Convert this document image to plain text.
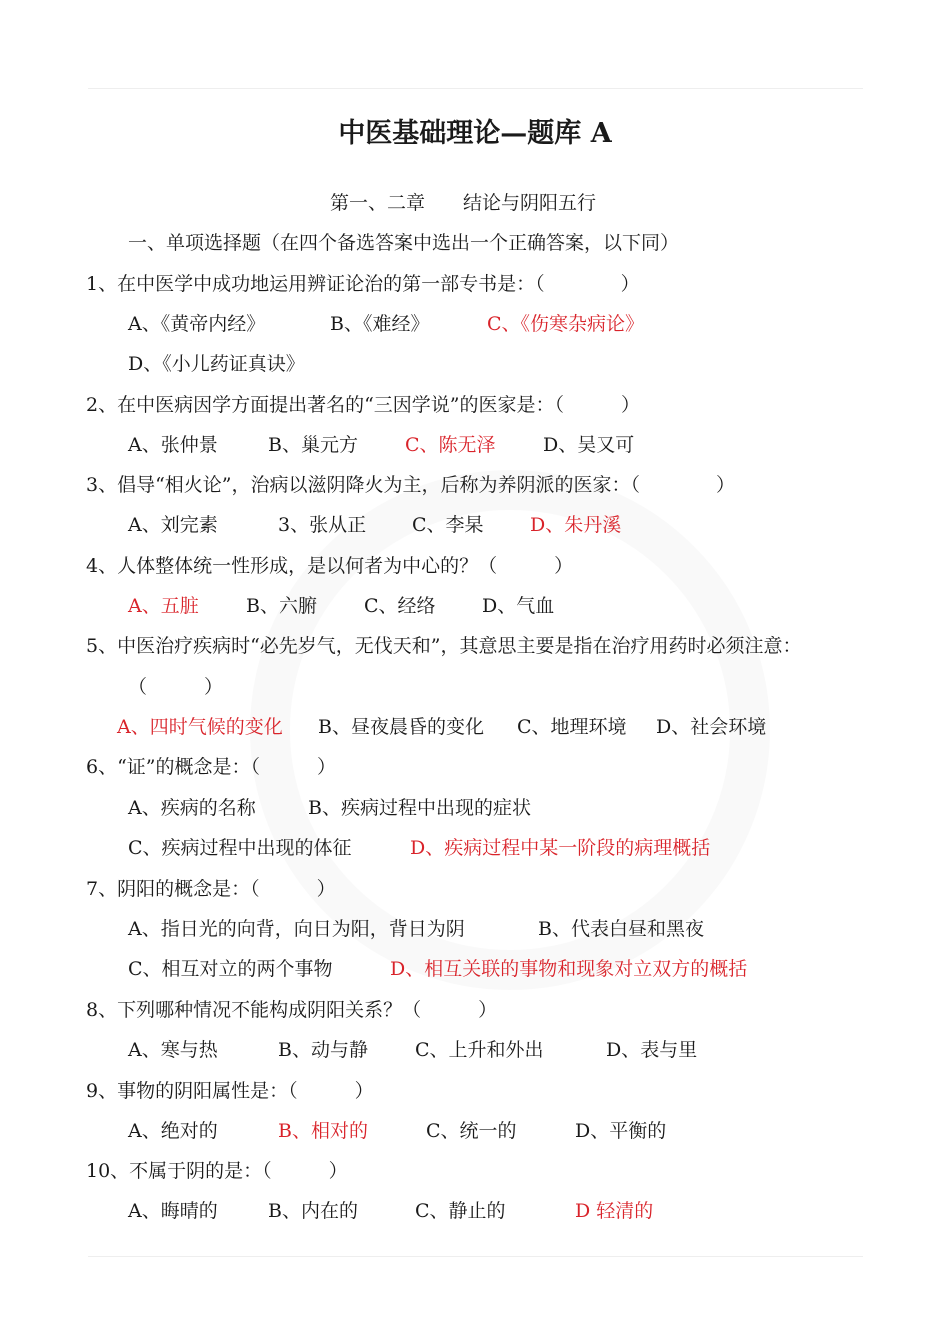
中医基础理论—题库 A
第一、二章　　结论与阴阳五行
一、单项选择题（在四个备选答案中选出一个正确答案，以下同）
1、在中医学中成功地运用辨证论治的第一部专书是：（　　　　）
A、《黄帝内经》	B、《难经》	C、《伤寒杂病论》
D、《小儿药证真诀》
2、在中医病因学方面提出著名的“三因学说”的医家是：（　　　）
A、张仲景	B、巢元方 C、陈无泽 D、吴又可
3、倡导“相火论”，治病以滋阴降火为主，后称为养阴派的医家：（　　　　）
A、刘完素	3、张从正 C、李杲 D、朱丹溪
4、人体整体统一性形成，是以何者为中心的？（　　　）
A、五脏 B、六腑 C、经络 D、气血
5、中医治疗疾病时“必先岁气，无伐天和”，其意思主要是指在治疗用药时必须注意：
（　　　）
A、四时气候的变化 B、昼夜晨昏的变化 C、地理环境 D、社会环境
6、“证”的概念是：（　　　）
A、疾病的名称	B、疾病过程中出现的症状
C、疾病过程中出现的体征	D、疾病过程中某一阶段的病理概括
7、阴阳的概念是：（　　　）
A、指日光的向背，向日为阳，背日为阴	B、代表白昼和黑夜
C、相互对立的两个事物	D、相互关联的事物和现象对立双方的概括
8、下列哪种情况不能构成阴阳关系？（　　　）
A、寒与热	B、动与静 C、上升和外出	D、表与里
9、事物的阴阳属性是：（　　　）
A、绝对的	B、相对的	C、统一的	D、平衡的
10、不属于阴的是：（　　　）
A、晦晴的	B、内在的	C、静止的	D 轻清的
